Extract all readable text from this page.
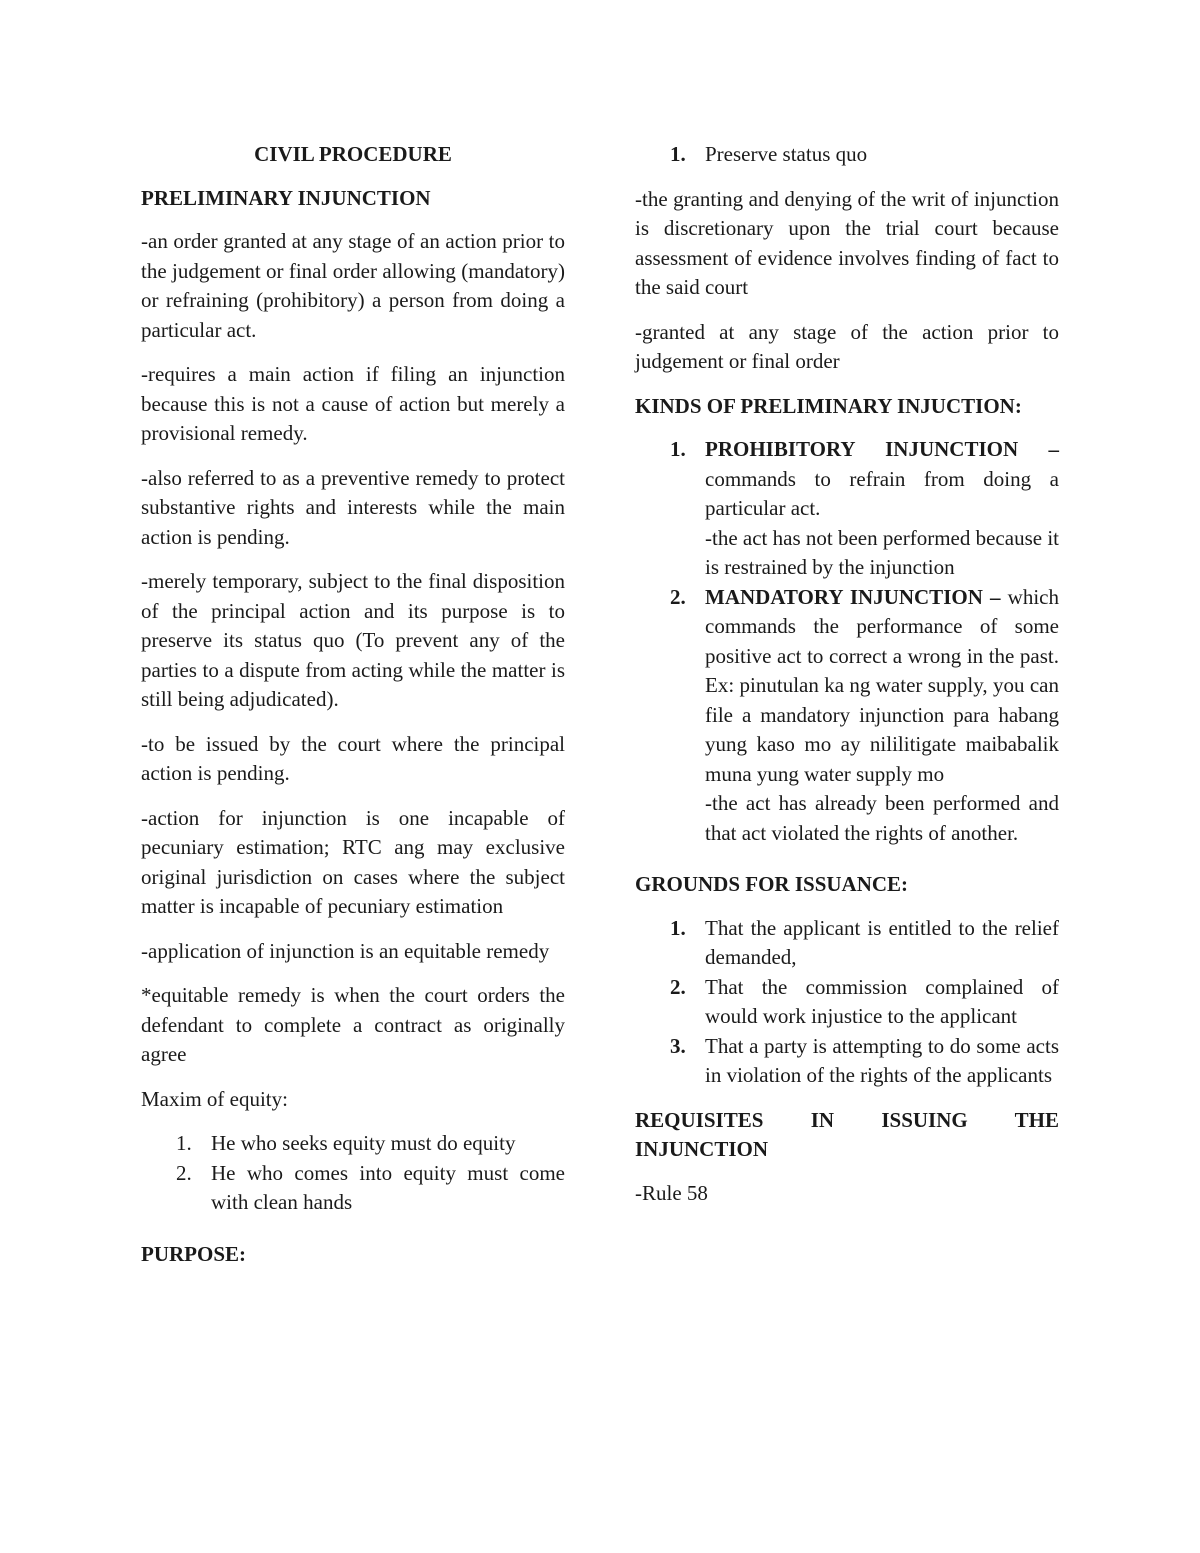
CIVIL PROCEDURE
PRELIMINARY INJUNCTION

-an order granted at any stage of an action prior to the judgement or final order allowing (mandatory) or refraining (prohibitory) a person from doing a particular act.

-requires a main action if filing an injunction because this is not a cause of action but merely a provisional remedy.

-also referred to as a preventive remedy to protect substantive rights and interests while the main action is pending.

-merely temporary, subject to the final disposition of the principal action and its purpose is to preserve its status quo (To prevent any of the parties to a dispute from acting while the matter is still being adjudicated).

-to be issued by the court where the principal action is pending.

-action for injunction is one incapable of pecuniary estimation; RTC ang may exclusive original jurisdiction on cases where the subject matter is incapable of pecuniary estimation

-application of injunction is an equitable remedy

*equitable remedy is when the court orders the defendant to complete a contract as originally agree

Maxim of equity:

1. He who seeks equity must do equity
2. He who comes into equity must come with clean hands
PURPOSE:
1. Preserve status quo

-the granting and denying of the writ of injunction is discretionary upon the trial court because assessment of evidence involves finding of fact to the said court

-granted at any stage of the action prior to judgement or final order

KINDS OF PRELIMINARY INJUCTION:
1. PROHIBITORY INJUNCTION – commands to refrain from doing a particular act.
-the act has not been performed because it is restrained by the injunction
2. MANDATORY INJUNCTION – which commands the performance of some positive act to correct a wrong in the past. Ex: pinutulan ka ng water supply, you can file a mandatory injunction para habang yung kaso mo ay nililitigate maibabalik muna yung water supply mo
-the act has already been performed and that act violated the rights of another.
GROUNDS FOR ISSUANCE:
1. That the applicant is entitled to the relief demanded,
2. That the commission complained of would work injustice to the applicant
3. That a party is attempting to do some acts in violation of the rights of the applicants
REQUISITES IN ISSUING THE INJUNCTION

-Rule 58
